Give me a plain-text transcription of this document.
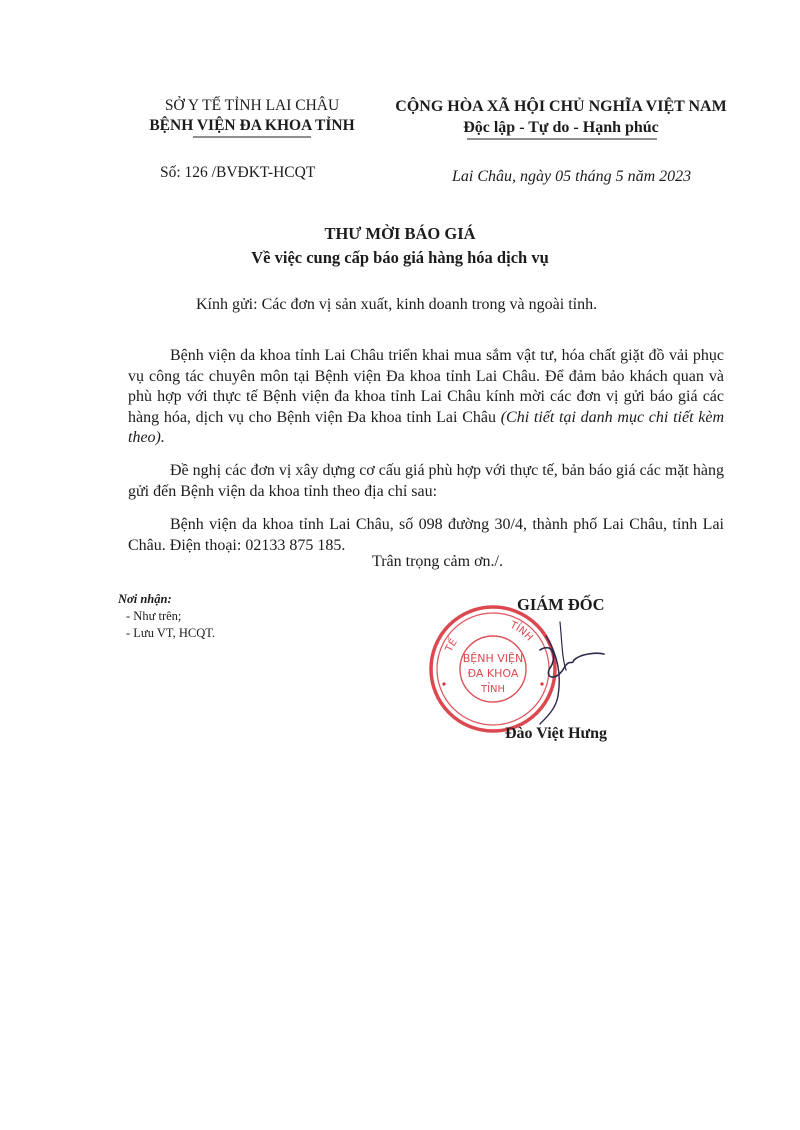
SỞ Y TẾ TỈNH LAI CHÂU
BỆNH VIỆN ĐA KHOA TỈNH
CỘNG HÒA XÃ HỘI CHỦ NGHĨA VIỆT NAM
Độc lập - Tự do - Hạnh phúc
Số: 126 /BVĐKT-HCQT	Lai Châu, ngày 05 tháng 5 năm 2023
THƯ MỜI BÁO GIÁ
Về việc cung cấp báo giá hàng hóa dịch vụ
Kính gửi: Các đơn vị sản xuất, kinh doanh trong và ngoài tỉnh.
Bệnh viện da khoa tỉnh Lai Châu triển khai mua sắm vật tư, hóa chất giặt đồ vải phục vụ công tác chuyên môn tại Bệnh viện Đa khoa tỉnh Lai Châu. Để đảm bảo khách quan và phù hợp với thực tế Bệnh viện đa khoa tỉnh Lai Châu kính mời các đơn vị gửi báo giá các hàng hóa, dịch vụ cho Bệnh viện Đa khoa tỉnh Lai Châu (Chi tiết tại danh mục chi tiết kèm theo).
Đề nghị các đơn vị xây dựng cơ cấu giá phù hợp với thực tế, bản báo giá các mặt hàng gửi đến Bệnh viện da khoa tỉnh theo địa chỉ sau:
Bệnh viện da khoa tỉnh Lai Châu, số 098 đường 30/4, thành phố Lai Châu, tỉnh Lai Châu. Điện thoại: 02133 875 185.
Trân trọng cảm ơn./.
Nơi nhận:
- Như trên;
- Lưu VT, HCQT.
GIÁM ĐỐC
TẾ
TỈNH
BỆNH VIỆN
ĐA KHOA
TỈNH
Đào Việt Hưng
